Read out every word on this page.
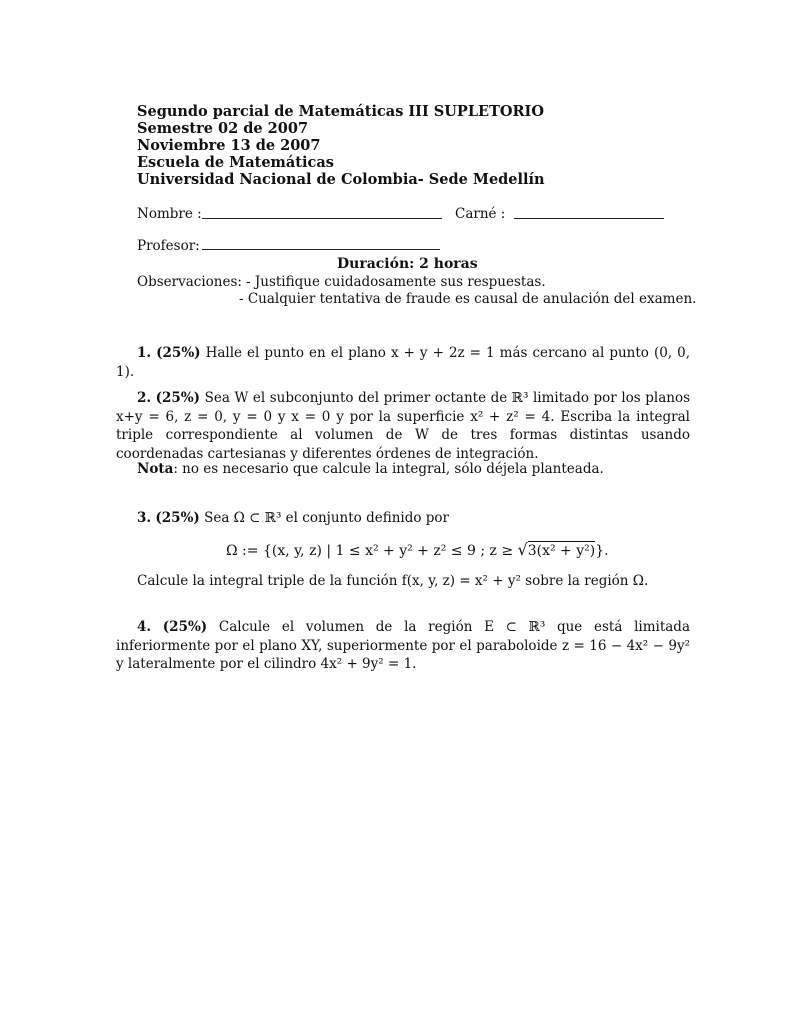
Segundo parcial de Matemáticas III SUPLETORIO
Semestre 02 de 2007
Noviembre 13 de 2007
Escuela de Matemáticas
Universidad Nacional de Colombia- Sede Medellín
Nombre :	Carné :
Profesor:
Duración: 2 horas
Observaciones: - Justifique cuidadosamente sus respuestas.
- Cualquier tentativa de fraude es causal de anulación del examen.
1. (25%) Halle el punto en el plano x + y + 2z = 1 más cercano al punto (0, 0, 1).
2. (25%) Sea W el subconjunto del primer octante de ℝ³ limitado por los planos x+y = 6, z = 0, y = 0 y x = 0 y por la superficie x² + z² = 4. Escriba la integral triple correspondiente al volumen de W de tres formas distintas usando coordenadas cartesianas y diferentes órdenes de integración.
Nota: no es necesario que calcule la integral, sólo déjela planteada.
3. (25%) Sea Ω ⊂ ℝ³ el conjunto definido por
Ω := {(x, y, z) | 1 ≤ x² + y² + z² ≤ 9 ; z ≥ √3(x² + y²)}.
Calcule la integral triple de la función f(x, y, z) = x² + y² sobre la región Ω.
4. (25%) Calcule el volumen de la región E ⊂ ℝ³ que está limitada inferiormente por el plano XY, superiormente por el paraboloide z = 16 − 4x² − 9y² y lateralmente por el cilindro 4x² + 9y² = 1.
